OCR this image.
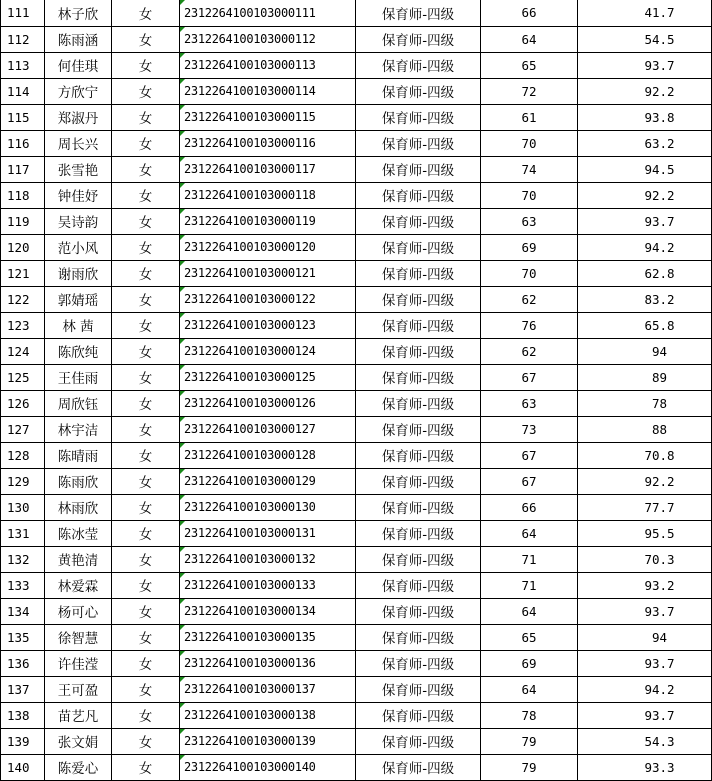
111	林子欣	女	2312264100103000111	保育师-四级	66	41.7
112	陈雨涵	女	2312264100103000112	保育师-四级	64	54.5
113	何佳琪	女	2312264100103000113	保育师-四级	65	93.7
114	方欣宁	女	2312264100103000114	保育师-四级	72	92.2
115	郑淑丹	女	2312264100103000115	保育师-四级	61	93.8
116	周长兴	女	2312264100103000116	保育师-四级	70	63.2
117	张雪艳	女	2312264100103000117	保育师-四级	74	94.5
118	钟佳妤	女	2312264100103000118	保育师-四级	70	92.2
119	吴诗韵	女	2312264100103000119	保育师-四级	63	93.7
120	范小风	女	2312264100103000120	保育师-四级	69	94.2
121	谢雨欣	女	2312264100103000121	保育师-四级	70	62.8
122	郭婧瑶	女	2312264100103000122	保育师-四级	62	83.2
123	林 茜	女	2312264100103000123	保育师-四级	76	65.8
124	陈欣纯	女	2312264100103000124	保育师-四级	62	94
125	王佳雨	女	2312264100103000125	保育师-四级	67	89
126	周欣钰	女	2312264100103000126	保育师-四级	63	78
127	林宇洁	女	2312264100103000127	保育师-四级	73	88
128	陈晴雨	女	2312264100103000128	保育师-四级	67	70.8
129	陈雨欣	女	2312264100103000129	保育师-四级	67	92.2
130	林雨欣	女	2312264100103000130	保育师-四级	66	77.7
131	陈冰莹	女	2312264100103000131	保育师-四级	64	95.5
132	黄艳清	女	2312264100103000132	保育师-四级	71	70.3
133	林爱霖	女	2312264100103000133	保育师-四级	71	93.2
134	杨可心	女	2312264100103000134	保育师-四级	64	93.7
135	徐智慧	女	2312264100103000135	保育师-四级	65	94
136	许佳滢	女	2312264100103000136	保育师-四级	69	93.7
137	王可盈	女	2312264100103000137	保育师-四级	64	94.2
138	苗艺凡	女	2312264100103000138	保育师-四级	78	93.7
139	张文娟	女	2312264100103000139	保育师-四级	79	54.3
140	陈爱心	女	2312264100103000140	保育师-四级	79	93.3
